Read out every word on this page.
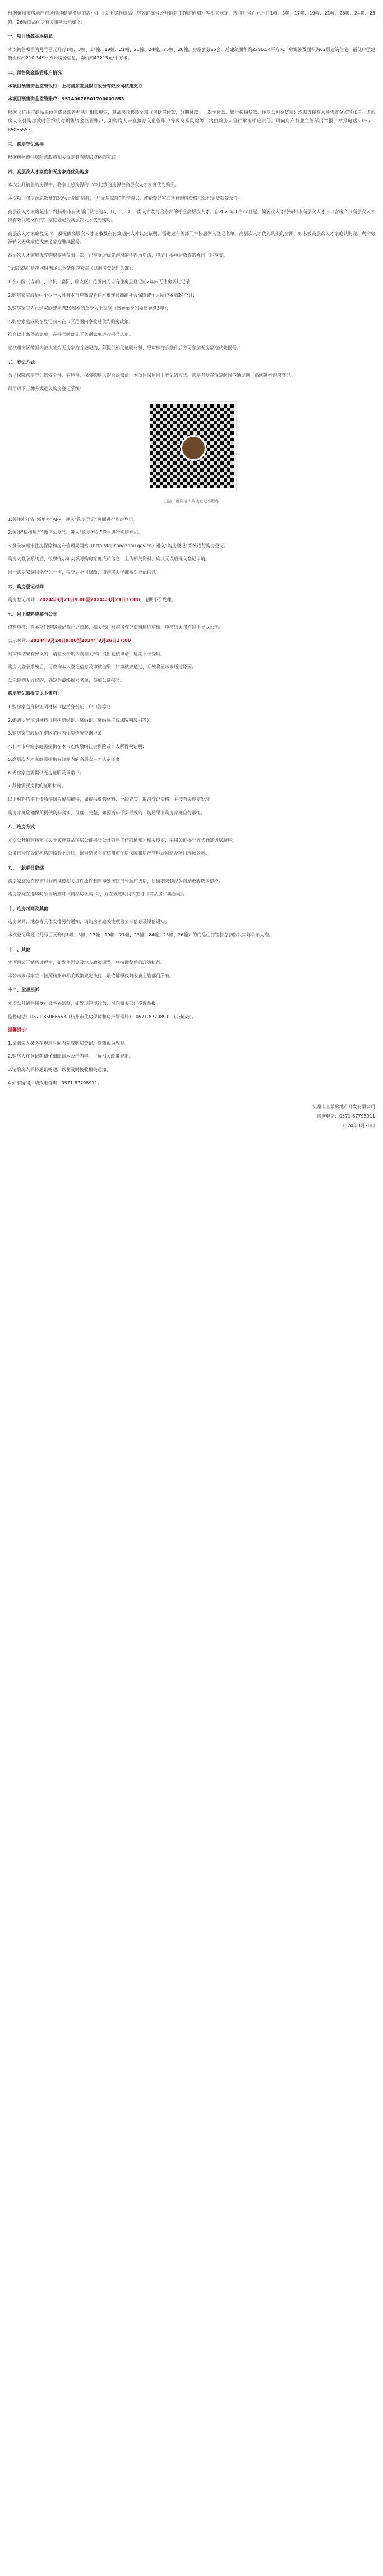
根据杭州市房地产市场持续健康发展的需小组《关于实施商品住房公证摇号公开销售工作的通知》等相关规定，现将月号百元开行1幢、3幢、17幢、19幢、21幢、23幢、24幢、25幢、26幢商品住房有关事项公示如下：

一、项目所源基本信息

本次销售项目为月号百元开行1幢、3幢、17幢、19幢、21幢、23幢、24幢、25幢、26幢，房屋套数95套，总建筑面积约2296.54平方米，房源涉及面积为62层建筑住宅，最低户型建筑面积约210-349平方米房源信息，均价约43215元/平方米。

二、预售资金监管账户情况

本项目预售资金监管银行：上海浦东发展银行股份有限公司杭州支行

本项目预售资金监管账户：95140078801700001853

根据《杭州市商品房预售资金监管办法》相关规定，商品房预售款全部（包括首付款、分期付款、一次性付款、银行按揭贷款、住房公积金贷款）均需直接存入预售资金监管账户。请购房人支付购房款时仔细核对预售资金监管账户，如购房人未直接存入监管账户导致交易风险等，将由购房人自行承担相应责任。可向房产行业主管部门举报，举报电话：0571-85066553。

三、购房登记条件

根据杭州市住房限购政策相关规定具有购房资格的家庭。

四、高层次人才家庭和无房家庭优先购房

本次公开销售的房源中，将拿出总房源的15%比例的房源供高层次人才家庭优先购买。

本次项目将房源总数量的30%比例的房源，供“无房家庭”优先购买。该轮登记家庭须有购房资格和公积金贷款等条件。

高层次人才家庭是指：经杭州市有关部门认定的A、B、C、D、E类人才及符合条件的相应高层次人才。自2021年1月27日起，简要次人才持杭州市高层次人才卡（含房产市高层次人才持有效认定文件的）家庭登记为高层次人才优先购房。

高层次人才家庭登记时，须提供高层次人才证书及在有效期内人才认定证明，需通过有关部门审核后列入登记名单。高层次人才优先购买的房源，如未被高层次人才家庭认购完，剩余房源转入无房家庭或普通家庭继续摇号。

高层次人才家庭优先购房权利仅限一次，已享受过优先购房的不得再申请，申请且摇中后放弃的视同已经享受。

“无房家庭”是指同时满足以下条件的家庭（以购房登记时为准）：

1.在市区（含萧山、余杭、富阳、临安区）范围内无自有住房且登记前2年内无住房转让记录；

2.购房家庭成员中至少一人具有本市户籍或者在本市连续缴纳社会保险或个人所得税满24个月；

3.购房家庭为已婚家庭或年满30周岁的单身人士家庭（离异单身的须离异满3年）；

4.购房家庭成员在登记前未在市区范围内享受过优先购房政策。

符合以上条件的家庭，在摇号时优先于普通家庭进行摇号选房。

在杭州市区范围内被认定为无房家庭并登记的，须提供相关证明材料，经审核符合条件后方可参加无房家庭优先摇号。

五、登记方式

为了保障购房登记的安全性、有序性、保障购房人的合法权益，本项目采用网上登记的方式，购房者须在规定时间内通过网上系统进行购房登记。

可用以下三种方式进入购房登记系统：

扫描二维码进入购房登记小程序

1.关注浙江省“浙里办”APP，进入“购房登记”页面进行购房登记。

2.关注“杭州房产”微信公众号，进入“购房登记”栏目进行购房登记。

3.登录杭州市住房保障和房产管理局网站（http://fgj.hangzhou.gov.cn）进入“购房登记”系统进行购房登记。

购房人登录系统后，按照提示如实填写购房家庭成员信息，上传相关资料，确认无误后提交登记申请。

同一购房家庭只能登记一次，提交后不可修改，请购房人仔细核对登记信息。

六、购房登记时间

购房登记时间：2024年3月21日9:00至2024年3月23日17:00，逾期不予受理。

七、网上资料审核与公示

资料审核：自本项目购房登记截止之日起，相关部门对购房登记资料进行审核，审核结果将在网上予以公示。

公示时间：2024年3月24日9:00至2024年3月26日17:00

对审核结果有异议的，请在公示期内向相关部门提出复核申请，逾期不予受理。

购房人登录系统后，可查询本人登记信息及审核结果，如审核未通过，系统将显示未通过原因。

公示期满无异议的，确定为最终摇号名单，参加公证摇号。

购房登记需提交以下资料：

1.购房家庭身份证明材料（包括身份证、户口簿等）；

2.婚姻状况证明材料（包括结婚证、离婚证、离婚协议或法院判决书等）；

3.购房家庭成员在市区范围内住房情况查询记录；

4.非本市户籍家庭需提供在本市连续缴纳社会保险或个人所得税证明；

5.高层次人才家庭需提供有效期内的高层次人才认定证书；

6.无房家庭需提供无房证明及承诺书；

7.其他需要提供的证明材料。

以上材料均需上传原件照片或扫描件，如提供虚假材料，一经查实，取消登记资格，并按有关规定处理。

购房家庭应确保所提供资料真实、准确、完整，如因资料不实导致的一切后果由购房家庭自行承担。

八、选房方式

本次公开销售按照《关于实施商品住房公证摇号公开销售工作的通知》相关规定，采用公证摇号方式确定选房顺序。

公证摇号在公证机构的监督下进行，摇号结果将在杭州市住房保障和房产管理局网站及项目现场公示。

九、一般项目数据

购房家庭须在规定时间内携带相关证件原件到售楼处按照摇号顺序选房，如逾期未到视为自动放弃选房资格。

购房家庭在选房时须当场签订《商品房认购书》，并在规定时间内签订《商品房买卖合同》。

十、选房时间及其他

选房时间、地点等具体安排另行通知，请购房家庭关注项目公示信息及短信通知。

本次登记房源（月号百元开行1幢、3幢、17幢、19幢、21幢、23幢、24幢、25幢、26幢）的商品住房销售总套数以实际公示为准。

十一、其他

本项目公开销售过程中，如发生国家及地方政策调整，将按调整后的政策执行。

本公示未尽事宜，按照杭州市相关政策规定执行，最终解释权归政府主管部门所有。

十二、监督投诉

本次公开销售接受社会各界监督，如发现违规行为，可向相关部门投诉举报。

监督电话：0571-85066553（杭州市住房保障和房产管理局），0571-87798911（公证处）。

温馨提示：

1.请购房人务必在规定时间内完成购房登记，逾期视为放弃。

2.购房人在登记前请仔细阅读本公示内容，了解相关政策规定。

3.请购房人保持通讯畅通，以便及时接收相关通知。

4.如有疑问，请致电咨询：0571-87798911。

杭州市某某房地产开发有限公司
咨询电话：0571-87798911
2024年3月20日
